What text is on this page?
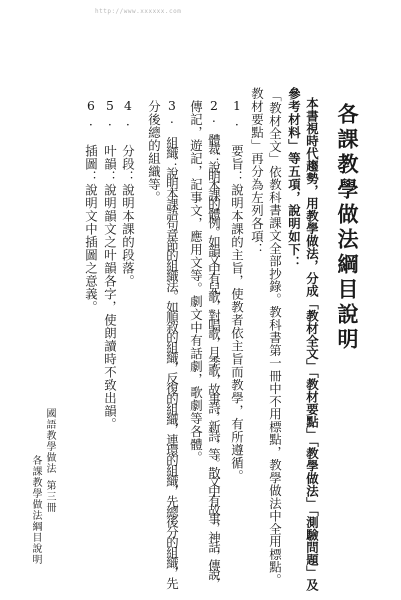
http://www.xxxxxx.com
各課教學做法綱目說明
本書視時代趨勢，用教學做法，分成「教材全文」「教材要點」「教學做法」「測驗問題」及
參考材料」等五項，說明如下：
「教材全文」依教科書課文全部抄錄。教科書第一冊中不用標點，教學做法中全用標點。
教材要點」再分為左列各項：
1. 要旨：說明本課的主旨，使教者依主旨而教學，有所遵循。
2. 體裁：說明本課的體例。如韻文中有兒歌，對唱歌，月季歌，故事詩，新詩，等。散文中有故事，神話，傳說，
傳記，遊記，記事文，應用文等。劇文中有話劇，歌劇等各體。
3. 組織：說明本課語句章節的組織法。如順敘的組織，反復的組織，連環的組織，先總後分的組織，先
分後總的組織等。
4. 分段：說明本課的段落。
5. 叶韻：說明韻文之叶韻各字，使朗讀時不致出韻。
6. 插圖：說明文中插圖之意義。
國語教學做法
第三冊
各課教學做法綱目說明
